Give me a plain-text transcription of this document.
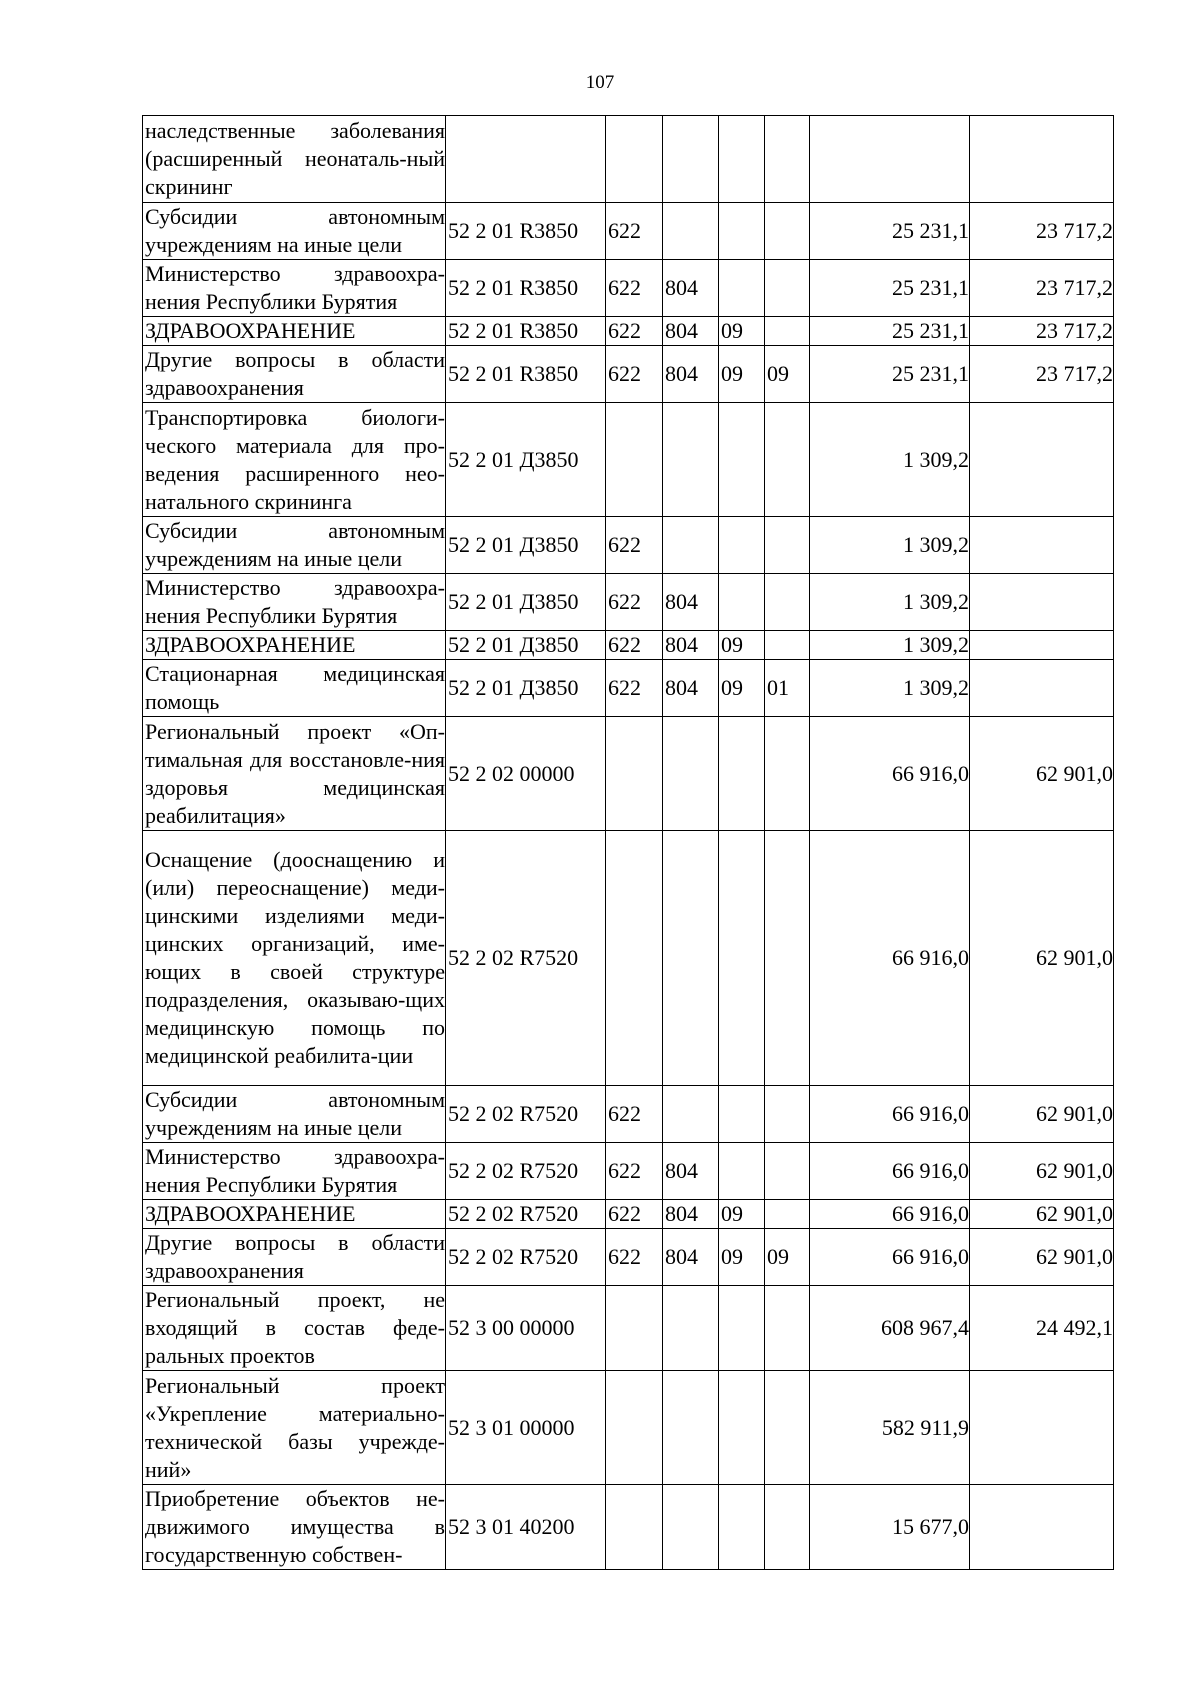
107
наследственные заболевания (расширенный неонаталь-ный скрининг							
Субсидии автономным учреждениям на иные цели	52 2 01 R3850	622				25 231,1	23 717,2
Министерство здравоохра-нения Республики Бурятия	52 2 01 R3850	622	804			25 231,1	23 717,2
ЗДРАВООХРАНЕНИЕ	52 2 01 R3850	622	804	09		25 231,1	23 717,2
Другие вопросы в области здравоохранения	52 2 01 R3850	622	804	09	09	25 231,1	23 717,2
Транспортировка биологи-ческого материала для про-ведения расширенного нео-натального скрининга	52 2 01 Д3850					1 309,2	
Субсидии автономным учреждениям на иные цели	52 2 01 Д3850	622				1 309,2	
Министерство здравоохра-нения Республики Бурятия	52 2 01 Д3850	622	804			1 309,2	
ЗДРАВООХРАНЕНИЕ	52 2 01 Д3850	622	804	09		1 309,2	
Стационарная медицинская помощь	52 2 01 Д3850	622	804	09	01	1 309,2	
Региональный проект «Оп-тимальная для восстановле-ния здоровья медицинская реабилитация»	52 2 02 00000					66 916,0	62 901,0
Оснащение (дооснащению и (или) переоснащение) меди-цинскими изделиями меди-цинских организаций, име-ющих в своей структуре подразделения, оказываю-щих медицинскую помощь по медицинской реабилита-ции	52 2 02 R7520					66 916,0	62 901,0
Субсидии автономным учреждениям на иные цели	52 2 02 R7520	622				66 916,0	62 901,0
Министерство здравоохра-нения Республики Бурятия	52 2 02 R7520	622	804			66 916,0	62 901,0
ЗДРАВООХРАНЕНИЕ	52 2 02 R7520	622	804	09		66 916,0	62 901,0
Другие вопросы в области здравоохранения	52 2 02 R7520	622	804	09	09	66 916,0	62 901,0
Региональный проект, не входящий в состав феде-ральных проектов	52 3 00 00000					608 967,4	24 492,1
Региональный проект «Укрепление материально-технической базы учрежде-ний»	52 3 01 00000					582 911,9	
Приобретение объектов не-движимого имущества в государственную собствен-	52 3 01 40200					15 677,0	
